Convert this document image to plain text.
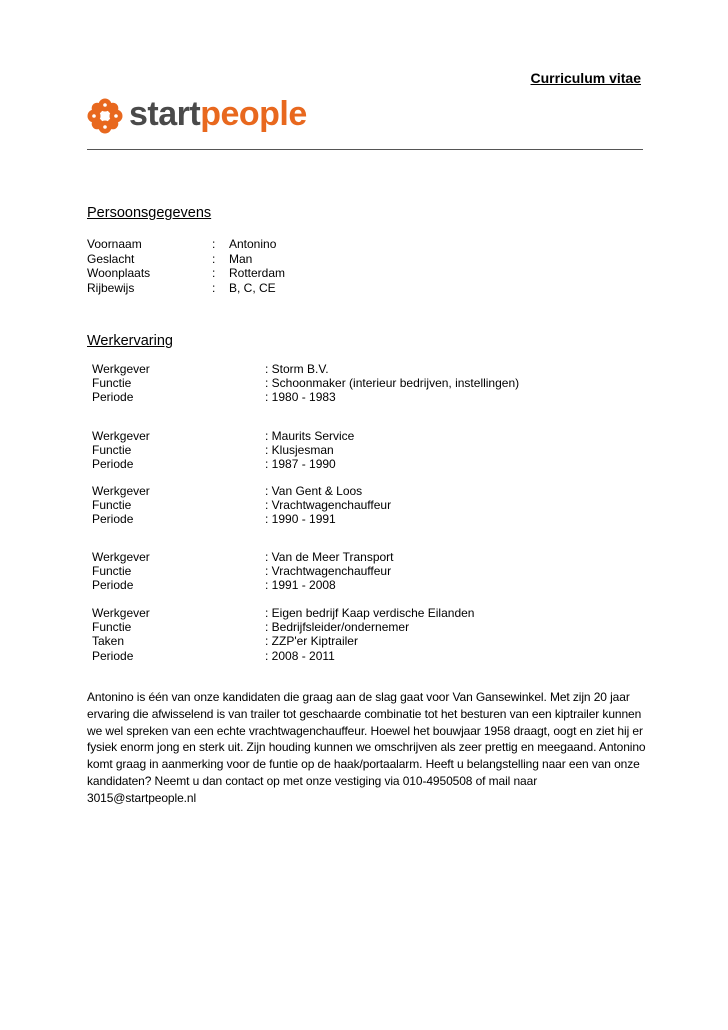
Curriculum vitae
startpeople
Persoonsgegevens
Voornaam	:	Antonino
Geslacht	:	Man
Woonplaats	:	Rotterdam
Rijbewijs	:	B, C, CE
Werkervaring
Werkgever	: Storm B.V.
Functie	: Schoonmaker (interieur bedrijven, instellingen)
Periode	: 1980 - 1983
Werkgever	: Maurits Service
Functie	: Klusjesman
Periode	: 1987 - 1990
Werkgever	: Van Gent & Loos
Functie	: Vrachtwagenchauffeur
Periode	: 1990 - 1991
Werkgever	: Van de Meer Transport
Functie	: Vrachtwagenchauffeur
Periode	: 1991 - 2008
Werkgever	: Eigen bedrijf Kaap verdische Eilanden
Functie	: Bedrijfsleider/ondernemer
Taken	: ZZP'er Kiptrailer
Periode	: 2008 - 2011
Antonino is één van onze kandidaten die graag aan de slag gaat voor Van Gansewinkel. Met zijn 20 jaar
ervaring die afwisselend is van trailer tot geschaarde combinatie tot het besturen van een kiptrailer kunnen
we wel spreken van een echte vrachtwagenchauffeur. Hoewel het bouwjaar 1958 draagt, oogt en ziet hij er
fysiek enorm jong en sterk uit. Zijn houding kunnen we omschrijven als zeer prettig en meegaand. Antonino
komt graag in aanmerking voor de funtie op de haak/portaalarm. Heeft u belangstelling naar een van onze
kandidaten? Neemt u dan contact op met onze vestiging via 010-4950508 of mail naar 3015@startpeople.nl
